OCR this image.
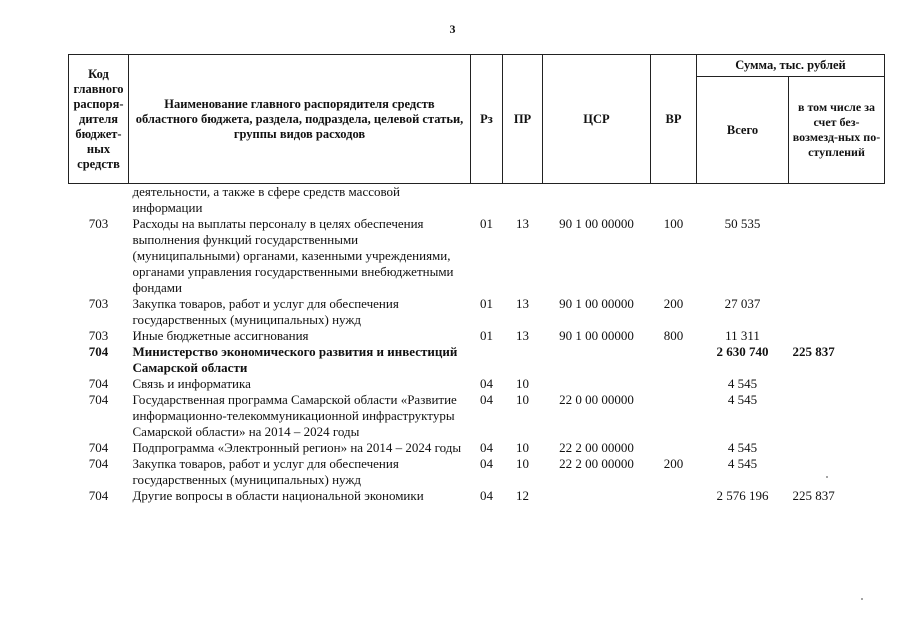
3
Код главного распоря-дителя бюджет-ных средств	Наименование главного распорядителя средств областного бюджета, раздела, подраздела, целевой статьи, группы видов расходов	Рз	ПР	ЦСР	ВР	Сумма, тыс. рублей	
						Всего	в том числе за счет без-возмезд-ных по-ступлений
	деятельности, а также в сфере средств массовой информации						
703	Расходы на выплаты персоналу в целях обеспечения выполнения функций государственными (муниципальными) органами, казенными учреждениями, органами управления государственными внебюджетными фондами	01	13	90 1 00 00000	100	50 535	
703	Закупка товаров, работ и услуг для обеспечения государственных (муниципальных) нужд	01	13	90 1 00 00000	200	27 037	
703	Иные бюджетные ассигнования	01	13	90 1 00 00000	800	11 311	
704	Министерство экономического развития и инвестиций Самарской области					2 630 740	225 837
704	Связь и информатика	04	10			4 545	
704	Государственная программа Самарской области «Развитие информационно-телекоммуникационной инфраструктуры Самарской области» на 2014 – 2024 годы	04	10	22 0 00 00000		4 545	
704	Подпрограмма «Электронный регион» на 2014 – 2024 годы	04	10	22 2 00 00000		4 545	
704	Закупка товаров, работ и услуг для обеспечения государственных (муниципальных) нужд	04	10	22 2 00 00000	200	4 545	
704	Другие вопросы в области национальной экономики	04	12			2 576 196	225 837
